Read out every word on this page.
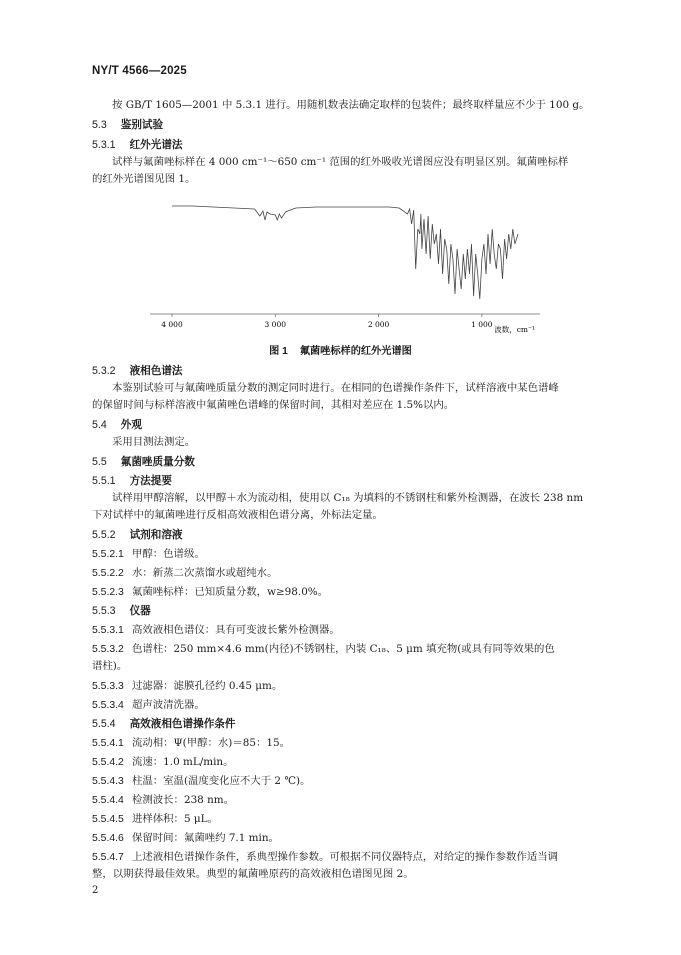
NY/T 4566—2025
按 GB/T 1605—2001 中 5.3.1 进行。用随机数表法确定取样的包装件；最终取样量应不少于 100 g。
5.3 鉴别试验
5.3.1 红外光谱法
试样与氟菌唑标样在 4 000 cm⁻¹～650 cm⁻¹ 范围的红外吸收光谱图应没有明显区别。氟菌唑标样
的红外光谱图见图 1。
4 000	3 000	2 000	1 000
波数，cm⁻¹
图 1 氟菌唑标样的红外光谱图
5.3.2 液相色谱法
本鉴别试验可与氟菌唑质量分数的测定同时进行。在相同的色谱操作条件下，试样溶液中某色谱峰
的保留时间与标样溶液中氟菌唑色谱峰的保留时间，其相对差应在 1.5%以内。
5.4 外观
采用目测法测定。
5.5 氟菌唑质量分数
5.5.1 方法提要
试样用甲醇溶解，以甲醇＋水为流动相，使用以 C₁₈ 为填料的不锈钢柱和紫外检测器，在波长 238 nm
下对试样中的氟菌唑进行反相高效液相色谱分离，外标法定量。
5.5.2 试剂和溶液
5.5.2.1 甲醇：色谱级。
5.5.2.2 水：新蒸二次蒸馏水或超纯水。
5.5.2.3 氟菌唑标样：已知质量分数，w≥98.0%。
5.5.3 仪器
5.5.3.1 高效液相色谱仪：具有可变波长紫外检测器。
5.5.3.2 色谱柱：250 mm×4.6 mm(内径)不锈钢柱，内装 C₁₈、5 μm 填充物(或具有同等效果的色
谱柱)。
5.5.3.3 过滤器：滤膜孔径约 0.45 μm。
5.5.3.4 超声波清洗器。
5.5.4 高效液相色谱操作条件
5.5.4.1 流动相：Ψ(甲醇：水)＝85：15。
5.5.4.2 流速：1.0 mL/min。
5.5.4.3 柱温：室温(温度变化应不大于 2 ℃)。
5.5.4.4 检测波长：238 nm。
5.5.4.5 进样体积：5 μL。
5.5.4.6 保留时间：氟菌唑约 7.1 min。
5.5.4.7 上述液相色谱操作条件，系典型操作参数。可根据不同仪器特点，对给定的操作参数作适当调
整，以期获得最佳效果。典型的氟菌唑原药的高效液相色谱图见图 2。
2
